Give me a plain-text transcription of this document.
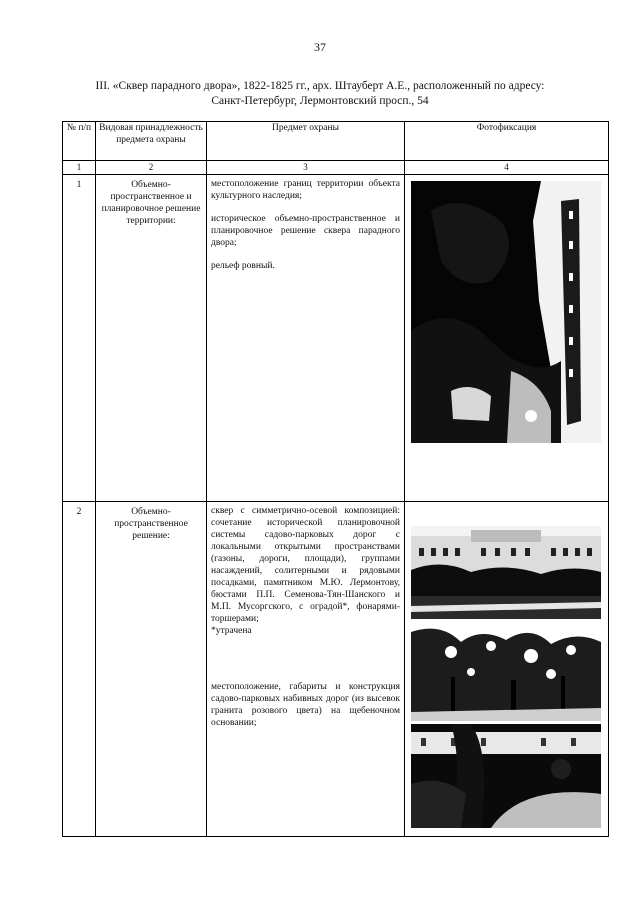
37
III. «Сквер парадного двора», 1822-1825 гг., арх. Штауберт А.Е., расположенный по адресу:
Санкт-Петербург, Лермонтовский просп., 54
№ п/п	Видовая принадлежность предмета охраны	Предмет охраны	Фотофиксация
1	2	3	4
1	Объемно-пространственное и планировочное решение территории:	местоположение границ территории объекта культурного наследия;

историческое объемно-пространственное и планировочное решение сквера парадного двора;

рельеф ровный.

2	Объемно-пространственное решение:	сквер с симметрично-осевой композицией: сочетание исторической планировочной системы садово-парковых дорог с локальными открытыми пространствами (газоны, дороги, площади), группами насаждений, солитерными и рядовыми посадками, памятником М.Ю. Лермонтову, бюстами П.П. Семенова-Тян-Шанского и М.П. Мусоргского, с оградой*, фонарями-торшерами;

*утрачена

местоположение, габариты и конструкция садово-парковых набивных дорог (из высевок гранита розового цвета) на щебеночном основании;
